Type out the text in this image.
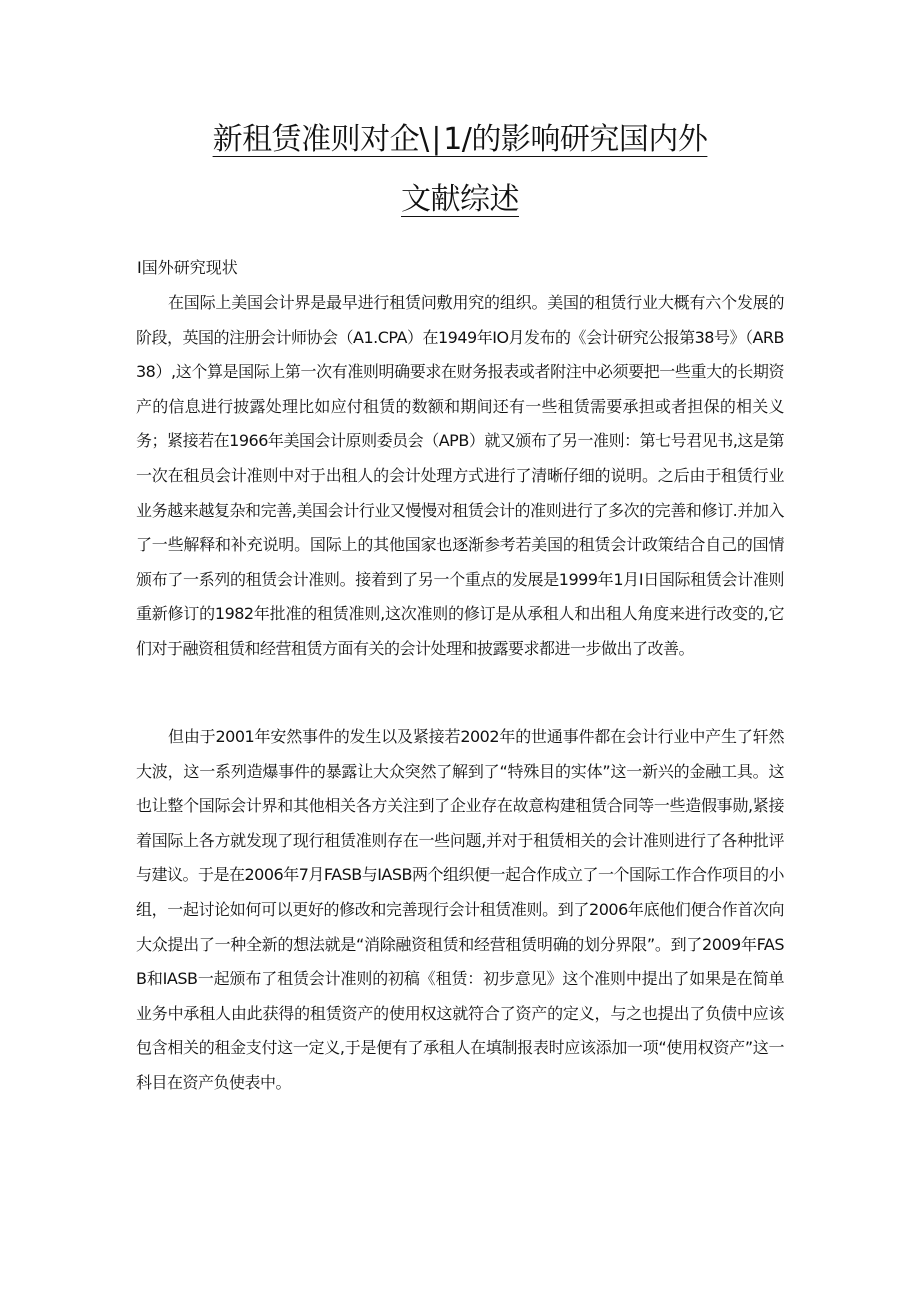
新租赁准则对企\∣1/的影响研究国内外
文献综述
I国外研究现状

在国际上美国会计界是最早进行租赁问敷用究的组织。美国的租赁行业大概有六个发展的阶段，英国的注册会计师协会（A1.CPA）在1949年IO月发布的《会计研究公报第38号》（ARB38）,这个算是国际上第一次有准则明确要求在财务报表或者附注中必须要把一些重大的长期资产的信息进行披露处理比如应付租赁的数额和期间还有一些租赁需要承担或者担保的相关义务；紧接若在1966年美国会计原则委员会（APB）就又颁布了另一准则：第七号君见书,这是第一次在租员会计准则中对于出租人的会计处理方式进行了清晰仔细的说明。之后由于租赁行业业务越来越复杂和完善,美国会计行业又慢慢对租赁会计的准则进行了多次的完善和修订.并加入了一些解释和补充说明。国际上的其他国家也逐渐参考若美国的租赁会计政策结合自己的国情颁布了一系列的租赁会计准则。接着到了另一个重点的发展是1999年1月I日国际租赁会计准则重新修订的1982年批准的租赁准则,这次准则的修订是从承租人和出租人角度来进行改变的,它们对于融资租赁和经营租赁方面有关的会计处理和披露要求都进一步做出了改善。

但由于2001年安然事件的发生以及紧接若2002年的世通事件都在会计行业中产生了轩然大波，这一系列造爆事件的暴露让大众突然了解到了“特殊目的实体”这一新兴的金融工具。这也让整个国际会计界和其他相关各方关注到了企业存在故意构建租赁合同等一些造假事勋,紧接着国际上各方就发现了现行租赁准则存在一些问题,并对于租赁相关的会计准则进行了各种批评与建议。于是在2006年7月FASB与IASB两个组织便一起合作成立了一个国际工作合作项目的小组，一起讨论如何可以更好的修改和完善现行会计租赁准则。到了2006年底他们便合作首次向大众提出了一种全新的想法就是“消除融资租赁和经营租赁明确的划分界限”。到了2009年FASB和IASB一起颁布了租赁会计准则的初稿《租赁：初步意见》这个准则中提出了如果是在简单业务中承租人由此获得的租赁资产的使用权这就符合了资产的定义，与之也提出了负债中应该包含相关的租金支付这一定义,于是便有了承租人在填制报表时应该添加一项“使用权资产”这一科目在资产负使表中。
